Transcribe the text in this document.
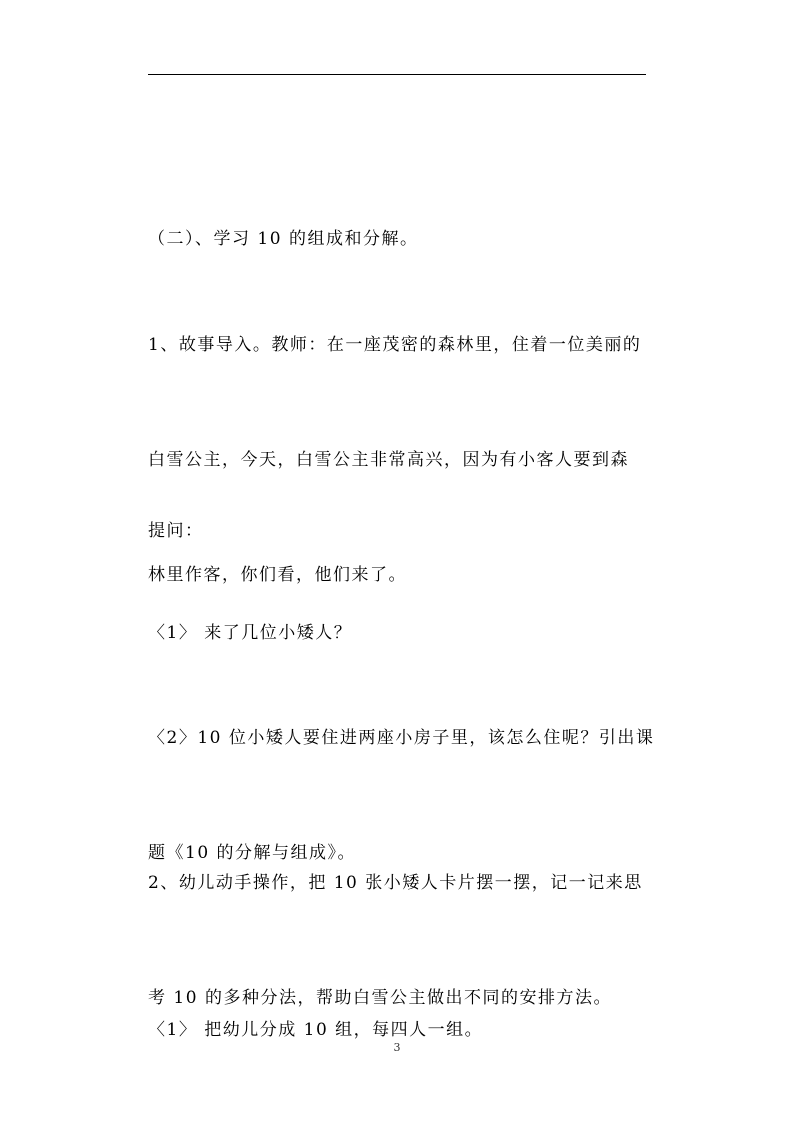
（二）、学习 10 的组成和分解。

1、故事导入。教师：在一座茂密的森林里，住着一位美丽的

白雪公主，今天，白雪公主非常高兴，因为有小客人要到森

林里作客，你们看，他们来了。

提问：

〈1〉 来了几位小矮人？

〈2〉10 位小矮人要住进两座小房子里，该怎么住呢？引出课

题《10 的分解与组成》。

2、幼儿动手操作，把 10 张小矮人卡片摆一摆，记一记来思

考 10 的多种分法，帮助白雪公主做出不同的安排方法。

〈1〉 把幼儿分成 10 组，每四人一组。

3
